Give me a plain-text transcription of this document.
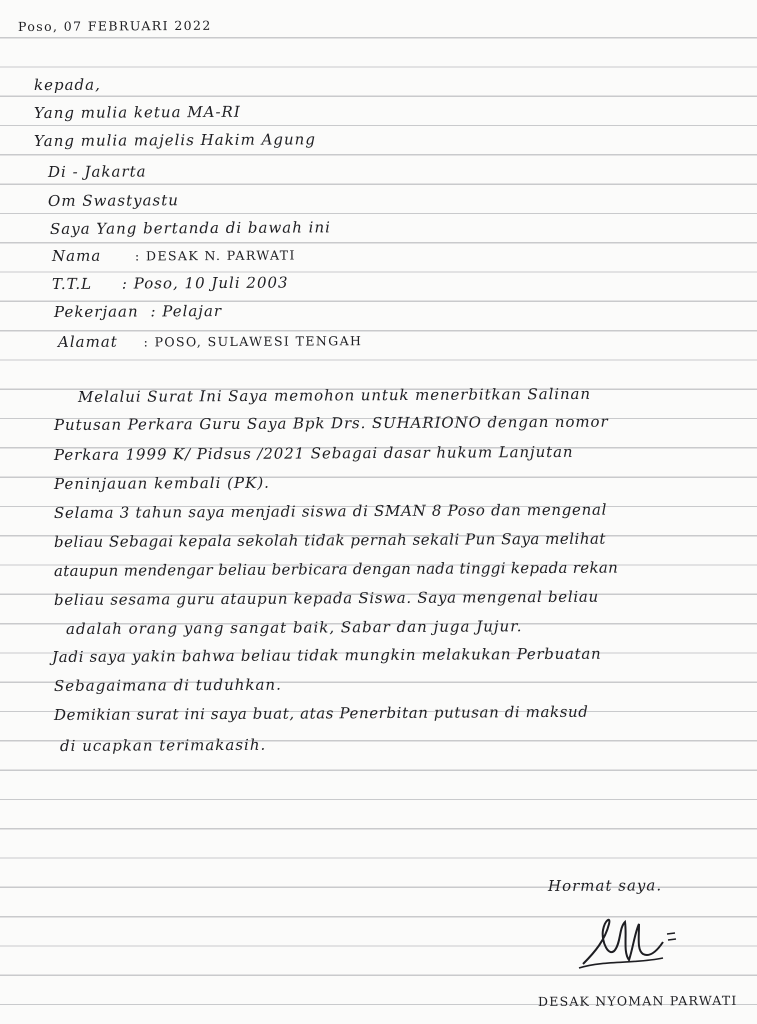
Poso, 07 FEBRUARI 2022
kepada,
Yang mulia ketua MA-RI
Yang mulia majelis Hakim Agung
Di - Jakarta
Om Swastyastu
Saya Yang bertanda di bawah ini
Nama	: DESAK N. PARWATI
T.T.L : Poso, 10 Juli 2003
Pekerjaan : Pelajar
Alamat : POSO, SULAWESI TENGAH
Melalui Surat Ini Saya memohon untuk menerbitkan Salinan
Putusan Perkara Guru Saya Bpk Drs. SUHARIONO dengan nomor
Perkara 1999 K/ Pidsus /2021 Sebagai dasar hukum Lanjutan
Peninjauan kembali (PK).
Selama 3 tahun saya menjadi siswa di SMAN 8 Poso dan mengenal
beliau Sebagai kepala sekolah tidak pernah sekali Pun Saya melihat
ataupun mendengar beliau berbicara dengan nada tinggi kepada rekan
beliau sesama guru ataupun kepada Siswa. Saya mengenal beliau
adalah orang yang sangat baik, Sabar dan juga Jujur.
Jadi saya yakin bahwa beliau tidak mungkin melakukan Perbuatan
Sebagaimana di tuduhkan.
Demikian surat ini saya buat, atas Penerbitan putusan di maksud
di ucapkan terimakasih.
Hormat saya.
DESAK NYOMAN PARWATI
